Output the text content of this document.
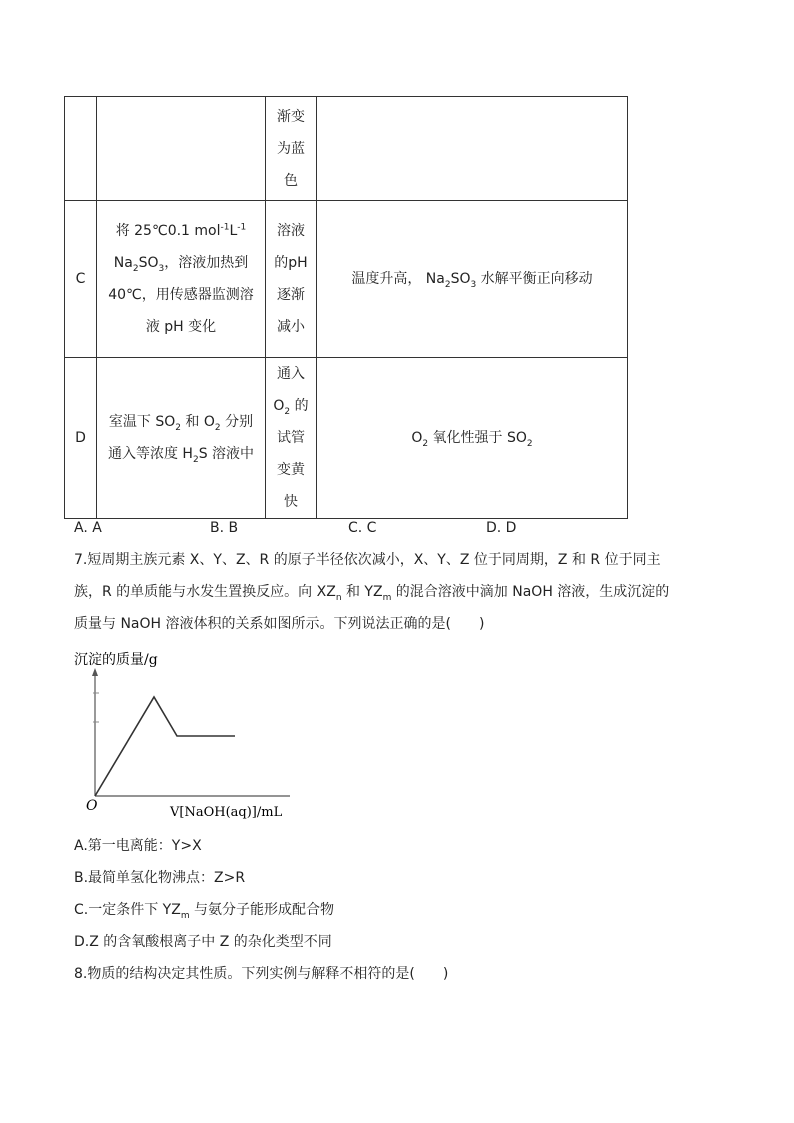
		渐变为蓝色	
C	将 25℃0.1 $mol^{-1}L^{-1}$ $Na_2SO_3$，溶液加热到 40℃，用传感器监测溶液 pH 变化	溶液的pH逐渐减小	温度升高， $Na_2SO_3$ 水解平衡正向移动
D	室温下 $SO_2$ 和 $O_2$ 分别通入等浓度 $H_2S$ 溶液中	通入 $O_2$ 的试管变黄快	$O_2$ 氧化性强于 $SO_2$
A. A	B. B	C. C	D. D
7.短周期主族元素 X、Y、Z、R 的原子半径依次减小，X、Y、Z 位于同周期，Z 和 R 位于同主
族，R 的单质能与水发生置换反应。向 $XZ_n$ 和 $YZ_m$ 的混合溶液中滴加 NaOH 溶液，生成沉淀的
质量与 NaOH 溶液体积的关系如图所示。下列说法正确的是(　　)
沉淀的质量/g
O	V[NaOH(aq)]/mL
A.第一电离能：Y>X
B.最简单氢化物沸点：Z>R
C.一定条件下 $YZ_m$ 与氨分子能形成配合物
D.Z 的含氧酸根离子中 Z 的杂化类型不同
8.物质的结构决定其性质。下列实例与解释不相符的是(　　)
